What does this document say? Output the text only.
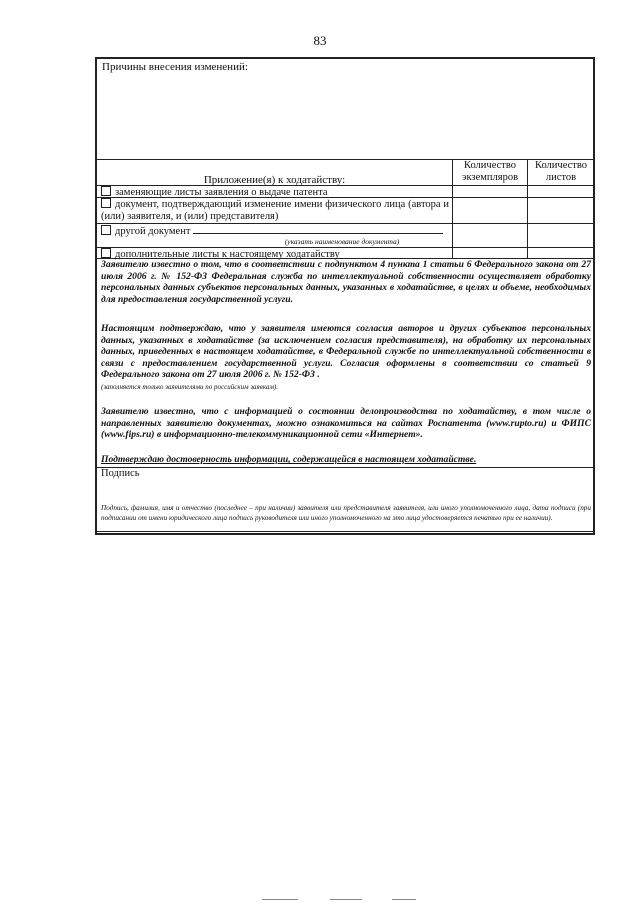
83
Причины внесения изменений:
Приложение(я) к ходатайству:
Количество экземпляров
Количество листов
заменяющие листы заявления о выдаче патента
документ, подтверждающий изменение имени физического лица (автора и (или) заявителя, и (или) представителя)
другой документ
(указать наименование документа)
дополнительные листы к настоящему ходатайству
Заявителю известно о том, что в соответствии с подпунктом 4 пункта 1 статьи 6 Федерального закона от 27 июля 2006 г. № 152-ФЗ Федеральная служба по интеллектуальной собственности осуществляет обработку персональных данных субъектов персональных данных, указанных в ходатайстве, в целях и объеме, необходимых для предоставления государственной услуги.
Настоящим подтверждаю, что у заявителя имеются согласия авторов и других субъектов персональных данных, указанных в ходатайстве (за исключением согласия представителя), на обработку их персональных данных, приведенных в настоящем ходатайстве, в Федеральной службе по интеллектуальной собственности в связи с предоставлением государственной услуги. Согласия оформлены в соответствии со статьей 9 Федерального закона от 27 июля 2006 г. № 152-ФЗ .
(заполняется только заявителями по российским заявкам).
Заявителю известно, что с информацией о состоянии делопроизводства по ходатайству, в том числе о направленных заявителю документах, можно ознакомиться на сайтах Роспатента (www.rupto.ru) и ФИПС (www.fips.ru) в информационно-телекоммуникационной сети «Интернет».
Подтверждаю достоверность информации, содержащейся в настоящем ходатайстве.
Подпись
Подпись, фамилия, имя и отчество (последнее – при наличии) заявителя или представителя заявителя, или иного уполномоченного лица, дата подписи (при подписании от имени юридического лица подпись руководителя или иного уполномоченного на это лица удостоверяется печатью при ее наличии).
